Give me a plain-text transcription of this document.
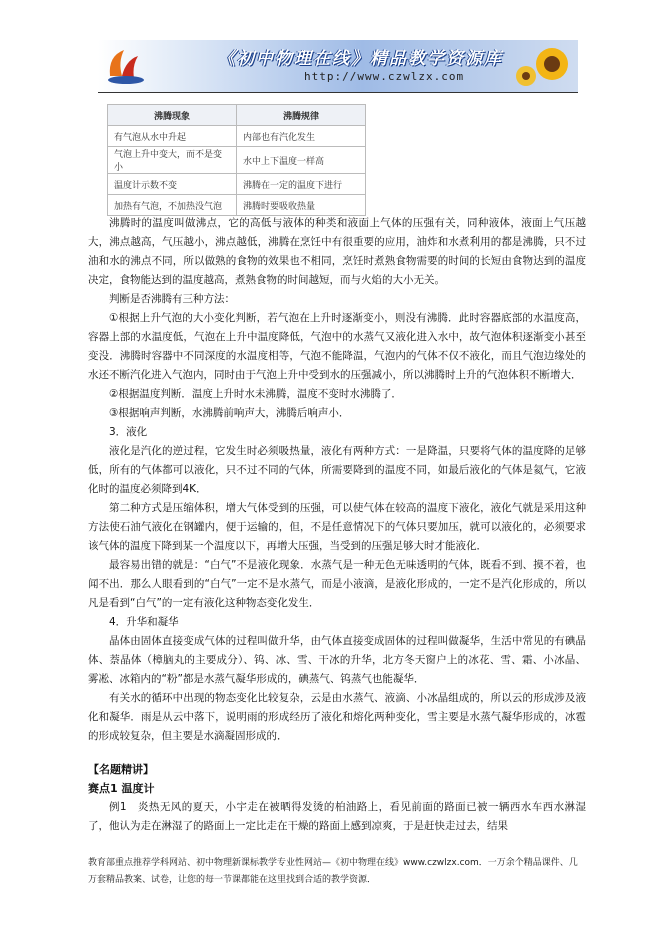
《初中物理在线》精品教学资源库
http://www.czwlzx.com
沸腾现象	沸腾规律
有气泡从水中升起	内部也有汽化发生
气泡上升中变大，而不是变小	水中上下温度一样高
温度计示数不变	沸腾在一定的温度下进行
加热有气泡，不加热没气泡	沸腾时要吸收热量

沸腾时的温度叫做沸点，它的高低与液体的种类和液面上气体的压强有关，同种液体，液面上气压越大，沸点越高，气压越小，沸点越低，沸腾在烹饪中有很重要的应用，油炸和水煮利用的都是沸腾，只不过油和水的沸点不同，所以做熟的食物的效果也不相同，烹饪时煮熟食物需要的时间的长短由食物达到的温度决定，食物能达到的温度越高，煮熟食物的时间越短，而与火焰的大小无关。

判断是否沸腾有三种方法：

①根据上升气泡的大小变化判断，若气泡在上升时逐渐变小，则没有沸腾．此时容器底部的水温度高，容器上部的水温度低，气泡在上升中温度降低，气泡中的水蒸气又液化进入水中，故气泡体积逐渐变小甚至变没．沸腾时容器中不同深度的水温度相等，气泡不能降温，气泡内的气体不仅不液化，而且气泡边缘处的水还不断汽化进入气泡内，同时由于气泡上升中受到水的压强减小，所以沸腾时上升的气泡体积不断增大．

②根据温度判断．温度上升时水未沸腾，温度不变时水沸腾了．

③根据响声判断，水沸腾前响声大，沸腾后响声小．

3．液化

液化是汽化的逆过程，它发生时必须吸热量，液化有两种方式：一是降温，只要将气体的温度降的足够低，所有的气体都可以液化，只不过不同的气体，所需要降到的温度不同，如最后液化的气体是氦气，它液化时的温度必须降到4K．

第二种方式是压缩体积，增大气体受到的压强，可以使气体在较高的温度下液化，液化气就是采用这种方法使石油气液化在钢罐内，便于运输的，但，不是任意情况下的气体只要加压，就可以液化的，必须要求该气体的温度下降到某一个温度以下，再增大压强，当受到的压强足够大时才能液化．

最容易出错的就是：“白气”不是液化现象．水蒸气是一种无色无味透明的气体，既看不到、摸不着，也闻不出．那么人眼看到的“白气”一定不是水蒸气，而是小液滴，是液化形成的，一定不是汽化形成的，所以凡是看到“白气”的一定有液化这种物态变化发生．

4．升华和凝华

晶体由固体直接变成气体的过程叫做升华，由气体直接变成固体的过程叫做凝华，生活中常见的有碘晶体、萘晶体（樟脑丸的主要成分）、钨、冰、雪、干冰的升华，北方冬天窗户上的冰花、雪、霜、小冰晶、雾凇、冰箱内的“粉”都是水蒸气凝华形成的，碘蒸气、钨蒸气也能凝华．

有关水的循环中出现的物态变化比较复杂，云是由水蒸气、液滴、小冰晶组成的，所以云的形成涉及液化和凝华．雨是从云中落下，说明雨的形成经历了液化和熔化两种变化，雪主要是水蒸气凝华形成的，冰雹的形成较复杂，但主要是水滴凝固形成的．

【名题精讲】

赛点1 温度计

例1　炎热无风的夏天，小宇走在被晒得发烫的柏油路上，看见前面的路面已被一辆西水车西水淋湿了，他认为走在淋湿了的路面上一定比走在干燥的路面上感到凉爽，于是赶快走过去，结果

教育部重点推荐学科网站、初中物理新课标教学专业性网站—《初中物理在线》www.czwlzx.com．一万余个精品课件、几万套精品教案、试卷，让您的每一节课都能在这里找到合适的教学资源．
